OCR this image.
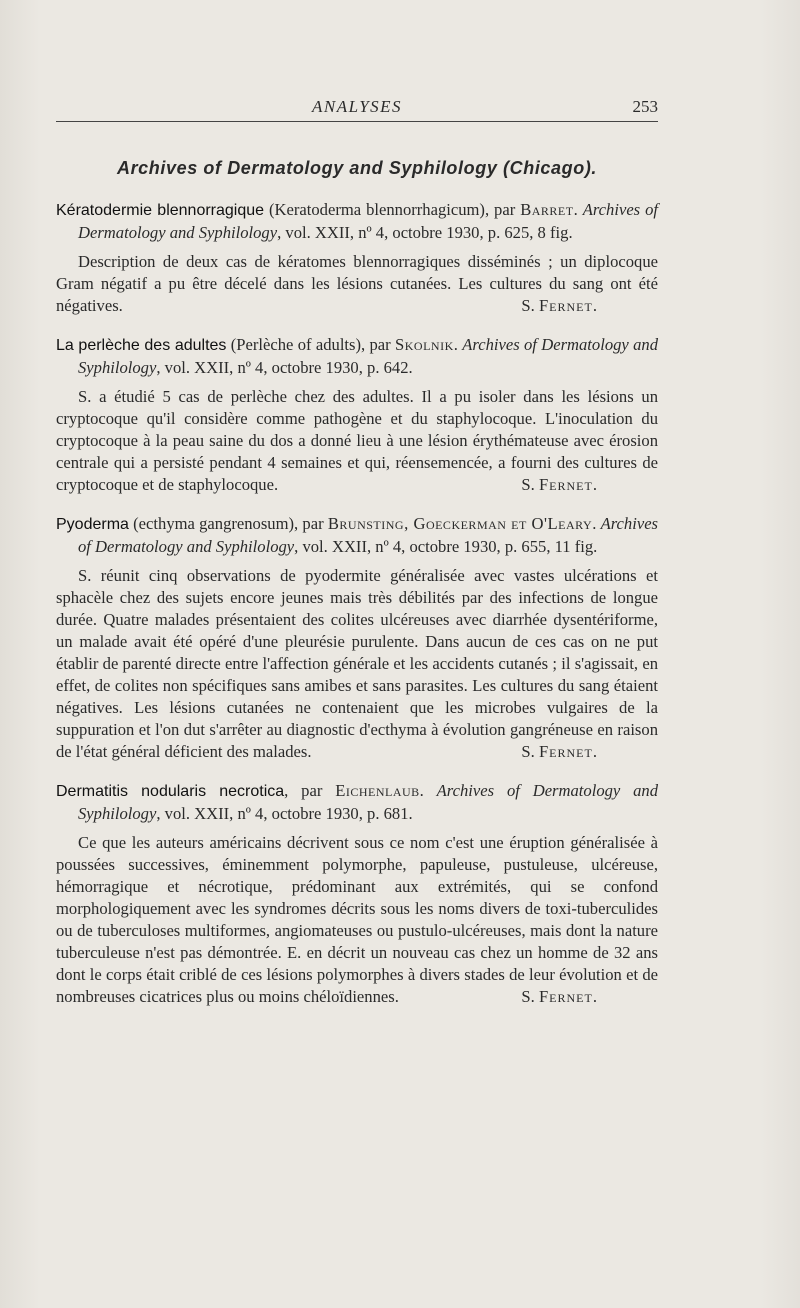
ANALYSES	253
Archives of Dermatology and Syphilology (Chicago).

Kératodermie blennorragique (Keratoderma blennorrhagicum), par Barret. Archives of Dermatology and Syphilology, vol. XXII, nº 4, octobre 1930, p. 625, 8 fig.

Description de deux cas de kératomes blennorragiques disséminés ; un diplocoque Gram négatif a pu être décelé dans les lésions cutanées. Les cultures du sang ont été négatives.	S. Fernet.

La perlèche des adultes (Perlèche of adults), par Skolnik. Archives of Dermatology and Syphilology, vol. XXII, nº 4, octobre 1930, p. 642.

S. a étudié 5 cas de perlèche chez des adultes. Il a pu isoler dans les lésions un cryptocoque qu'il considère comme pathogène et du staphylocoque. L'inoculation du cryptocoque à la peau saine du dos a donné lieu à une lésion érythémateuse avec érosion centrale qui a persisté pendant 4 semaines et qui, réensemencée, a fourni des cultures de cryptocoque et de staphylocoque.	S. Fernet.

Pyoderma (ecthyma gangrenosum), par Brunsting, Goeckerman et O'Leary. Archives of Dermatology and Syphilology, vol. XXII, nº 4, octobre 1930, p. 655, 11 fig.

S. réunit cinq observations de pyodermite généralisée avec vastes ulcérations et sphacèle chez des sujets encore jeunes mais très débilités par des infections de longue durée. Quatre malades présentaient des colites ulcéreuses avec diarrhée dysentériforme, un malade avait été opéré d'une pleurésie purulente. Dans aucun de ces cas on ne put établir de parenté directe entre l'affection générale et les accidents cutanés ; il s'agissait, en effet, de colites non spécifiques sans amibes et sans parasites. Les cultures du sang étaient négatives. Les lésions cutanées ne contenaient que les microbes vulgaires de la suppuration et l'on dut s'arrêter au diagnostic d'ecthyma à évolution gangréneuse en raison de l'état général déficient des malades.	S. Fernet.

Dermatitis nodularis necrotica, par Eichenlaub. Archives of Dermatology and Syphilology, vol. XXII, nº 4, octobre 1930, p. 681.

Ce que les auteurs américains décrivent sous ce nom c'est une éruption généralisée à poussées successives, éminemment polymorphe, papuleuse, pustuleuse, ulcéreuse, hémorragique et nécrotique, prédominant aux extrémités, qui se confond morphologiquement avec les syndromes décrits sous les noms divers de toxi-tuberculides ou de tuberculoses multiformes, angiomateuses ou pustulo-ulcéreuses, mais dont la nature tuberculeuse n'est pas démontrée. E. en décrit un nouveau cas chez un homme de 32 ans dont le corps était criblé de ces lésions polymorphes à divers stades de leur évolution et de nombreuses cicatrices plus ou moins chéloïdiennes.	S. Fernet.
